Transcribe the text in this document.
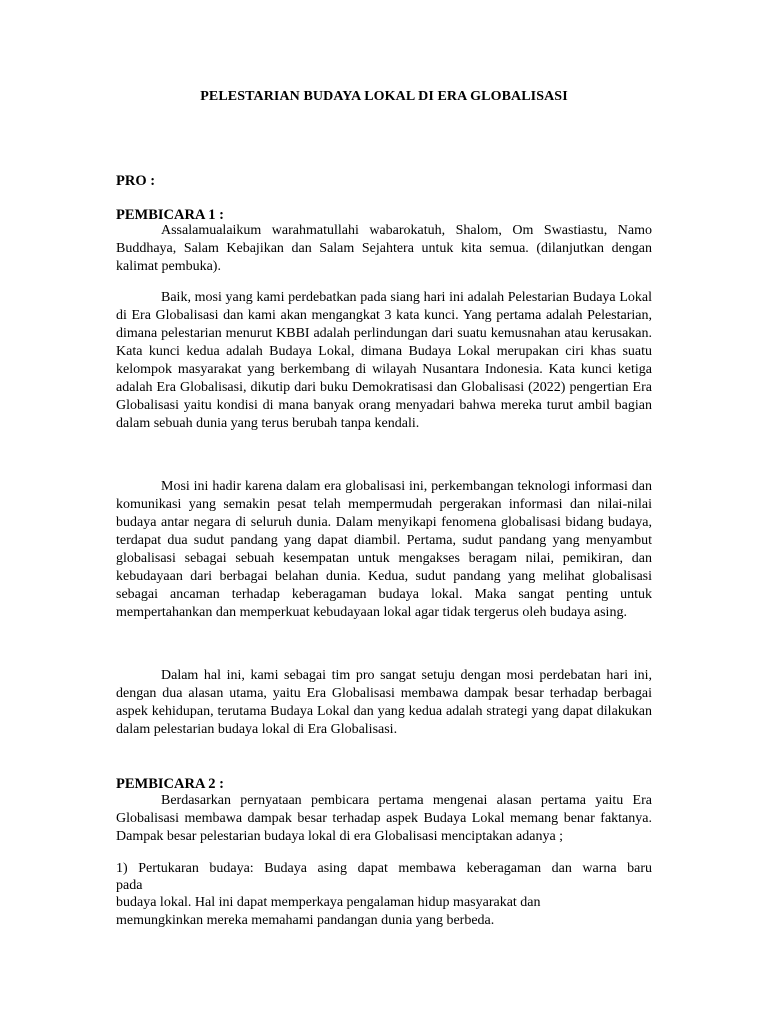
PELESTARIAN BUDAYA LOKAL DI ERA GLOBALISASI
PRO :
PEMBICARA 1 :

Assalamualaikum warahmatullahi wabarokatuh, Shalom, Om Swastiastu, Namo Buddhaya, Salam Kebajikan dan Salam Sejahtera untuk kita semua. (dilanjutkan dengan kalimat pembuka).

Baik, mosi yang kami perdebatkan pada siang hari ini adalah Pelestarian Budaya Lokal di Era Globalisasi dan kami akan mengangkat 3 kata kunci. Yang pertama adalah Pelestarian, dimana pelestarian menurut KBBI adalah perlindungan dari suatu kemusnahan atau kerusakan. Kata kunci kedua adalah Budaya Lokal, dimana Budaya Lokal merupakan ciri khas suatu kelompok masyarakat yang berkembang di wilayah Nusantara Indonesia. Kata kunci ketiga adalah Era Globalisasi, dikutip dari buku Demokratisasi dan Globalisasi (2022) pengertian Era Globalisasi yaitu kondisi di mana banyak orang menyadari bahwa mereka turut ambil bagian dalam sebuah dunia yang terus berubah tanpa kendali.

Mosi ini hadir karena dalam era globalisasi ini, perkembangan teknologi informasi dan komunikasi yang semakin pesat telah mempermudah pergerakan informasi dan nilai-nilai budaya antar negara di seluruh dunia. Dalam menyikapi fenomena globalisasi bidang budaya, terdapat dua sudut pandang yang dapat diambil. Pertama, sudut pandang yang menyambut globalisasi sebagai sebuah kesempatan untuk mengakses beragam nilai, pemikiran, dan kebudayaan dari berbagai belahan dunia. Kedua, sudut pandang yang melihat globalisasi sebagai ancaman terhadap keberagaman budaya lokal. Maka sangat penting untuk mempertahankan dan memperkuat kebudayaan lokal agar tidak tergerus oleh budaya asing.

Dalam hal ini, kami sebagai tim pro sangat setuju dengan mosi perdebatan hari ini, dengan dua alasan utama, yaitu Era Globalisasi membawa dampak besar terhadap berbagai aspek kehidupan, terutama Budaya Lokal dan yang kedua adalah strategi yang dapat dilakukan dalam pelestarian budaya lokal di Era Globalisasi.

PEMBICARA 2 :

Berdasarkan pernyataan pembicara pertama mengenai alasan pertama yaitu Era Globalisasi membawa dampak besar terhadap aspek Budaya Lokal memang benar faktanya. Dampak besar pelestarian budaya lokal di era Globalisasi menciptakan adanya ;

1) Pertukaran budaya: Budaya asing dapat membawa keberagaman dan warna baru

pada

budaya lokal. Hal ini dapat memperkaya pengalaman hidup masyarakat dan

memungkinkan mereka memahami pandangan dunia yang berbeda.
